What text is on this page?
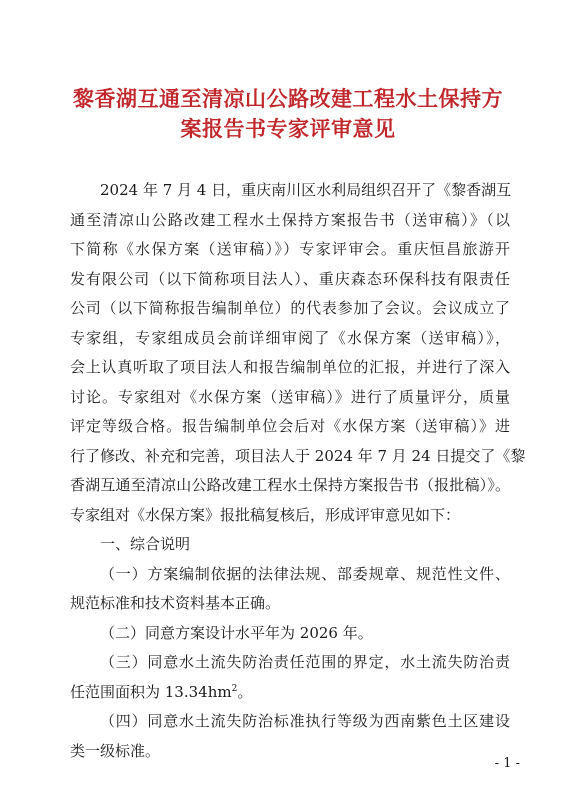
黎香湖互通至清凉山公路改建工程水土保持方
案报告书专家评审意见
2024 年 7 月 4 日，重庆南川区水利局组织召开了《黎香湖互
通至清凉山公路改建工程水土保持方案报告书（送审稿）》（以
下简称《水保方案（送审稿）》）专家评审会。重庆恒昌旅游开
发有限公司（以下简称项目法人）、重庆森态环保科技有限责任
公司（以下简称报告编制单位）的代表参加了会议。会议成立了
专家组，专家组成员会前详细审阅了《水保方案（送审稿）》，
会上认真听取了项目法人和报告编制单位的汇报，并进行了深入
讨论。专家组对《水保方案（送审稿）》进行了质量评分，质量
评定等级合格。报告编制单位会后对《水保方案（送审稿）》进
行了修改、补充和完善，项目法人于 2024 年 7 月 24 日提交了《黎
香湖互通至清凉山公路改建工程水土保持方案报告书（报批稿）》。
专家组对《水保方案》报批稿复核后，形成评审意见如下：
一、综合说明
（一）方案编制依据的法律法规、部委规章、规范性文件、
规范标准和技术资料基本正确。
（二）同意方案设计水平年为 2026 年。
（三）同意水土流失防治责任范围的界定，水土流失防治责
任范围面积为 $13.34hm^2$。
（四）同意水土流失防治标准执行等级为西南紫色土区建设
类一级标准。
- 1 -
